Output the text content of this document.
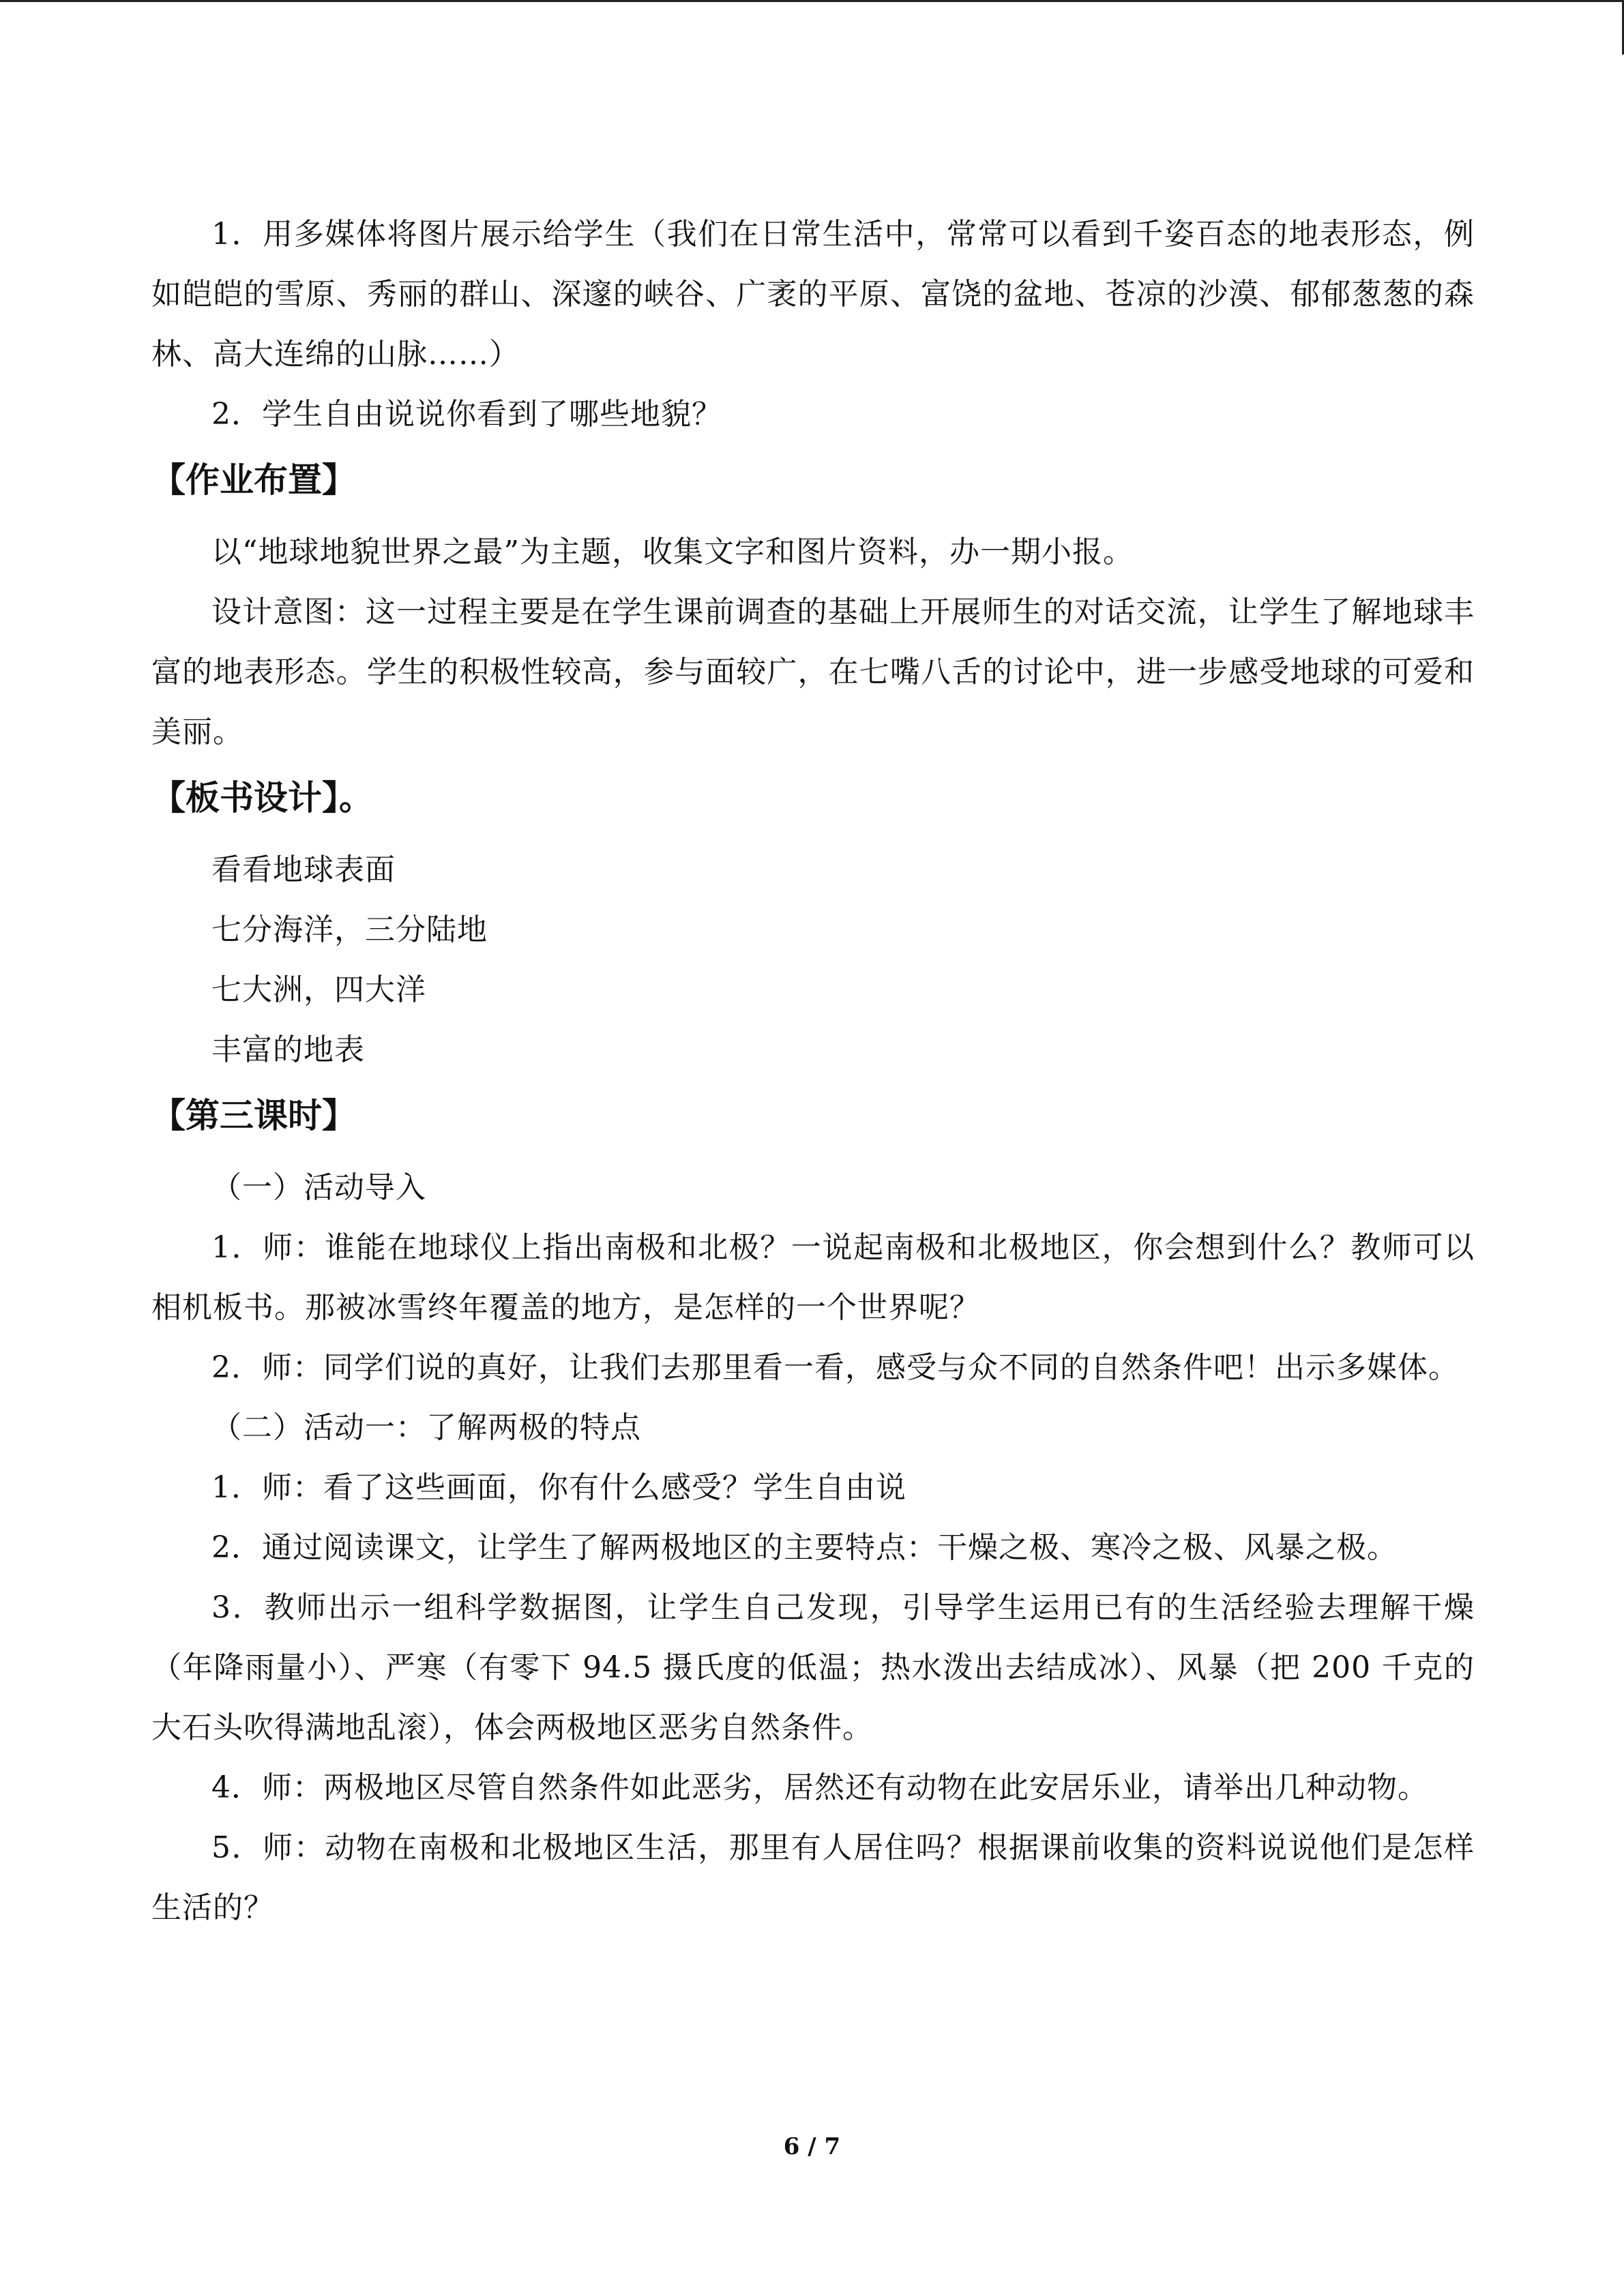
1．用多媒体将图片展示给学生（我们在日常生活中，常常可以看到千姿百态的地表形态，例如皑皑的雪原、秀丽的群山、深邃的峡谷、广袤的平原、富饶的盆地、苍凉的沙漠、郁郁葱葱的森林、高大连绵的山脉……）

2．学生自由说说你看到了哪些地貌？

【作业布置】

以“地球地貌世界之最”为主题，收集文字和图片资料，办一期小报。

设计意图：这一过程主要是在学生课前调查的基础上开展师生的对话交流，让学生了解地球丰富的地表形态。学生的积极性较高，参与面较广，在七嘴八舌的讨论中，进一步感受地球的可爱和美丽。

【板书设计】。

看看地球表面

七分海洋，三分陆地

七大洲，四大洋

丰富的地表

【第三课时】

（一）活动导入

1．师：谁能在地球仪上指出南极和北极？一说起南极和北极地区，你会想到什么？教师可以相机板书。那被冰雪终年覆盖的地方，是怎样的一个世界呢？

2．师：同学们说的真好，让我们去那里看一看，感受与众不同的自然条件吧！出示多媒体。

（二）活动一：了解两极的特点

1．师：看了这些画面，你有什么感受？学生自由说

2．通过阅读课文，让学生了解两极地区的主要特点：干燥之极、寒冷之极、风暴之极。

3．教师出示一组科学数据图，让学生自己发现，引导学生运用已有的生活经验去理解干燥（年降雨量小）、严寒（有零下 94.5 摄氏度的低温；热水泼出去结成冰）、风暴（把 200 千克的大石头吹得满地乱滚），体会两极地区恶劣自然条件。

4．师：两极地区尽管自然条件如此恶劣，居然还有动物在此安居乐业，请举出几种动物。

5．师：动物在南极和北极地区生活，那里有人居住吗？根据课前收集的资料说说他们是怎样生活的？

6 / 7
